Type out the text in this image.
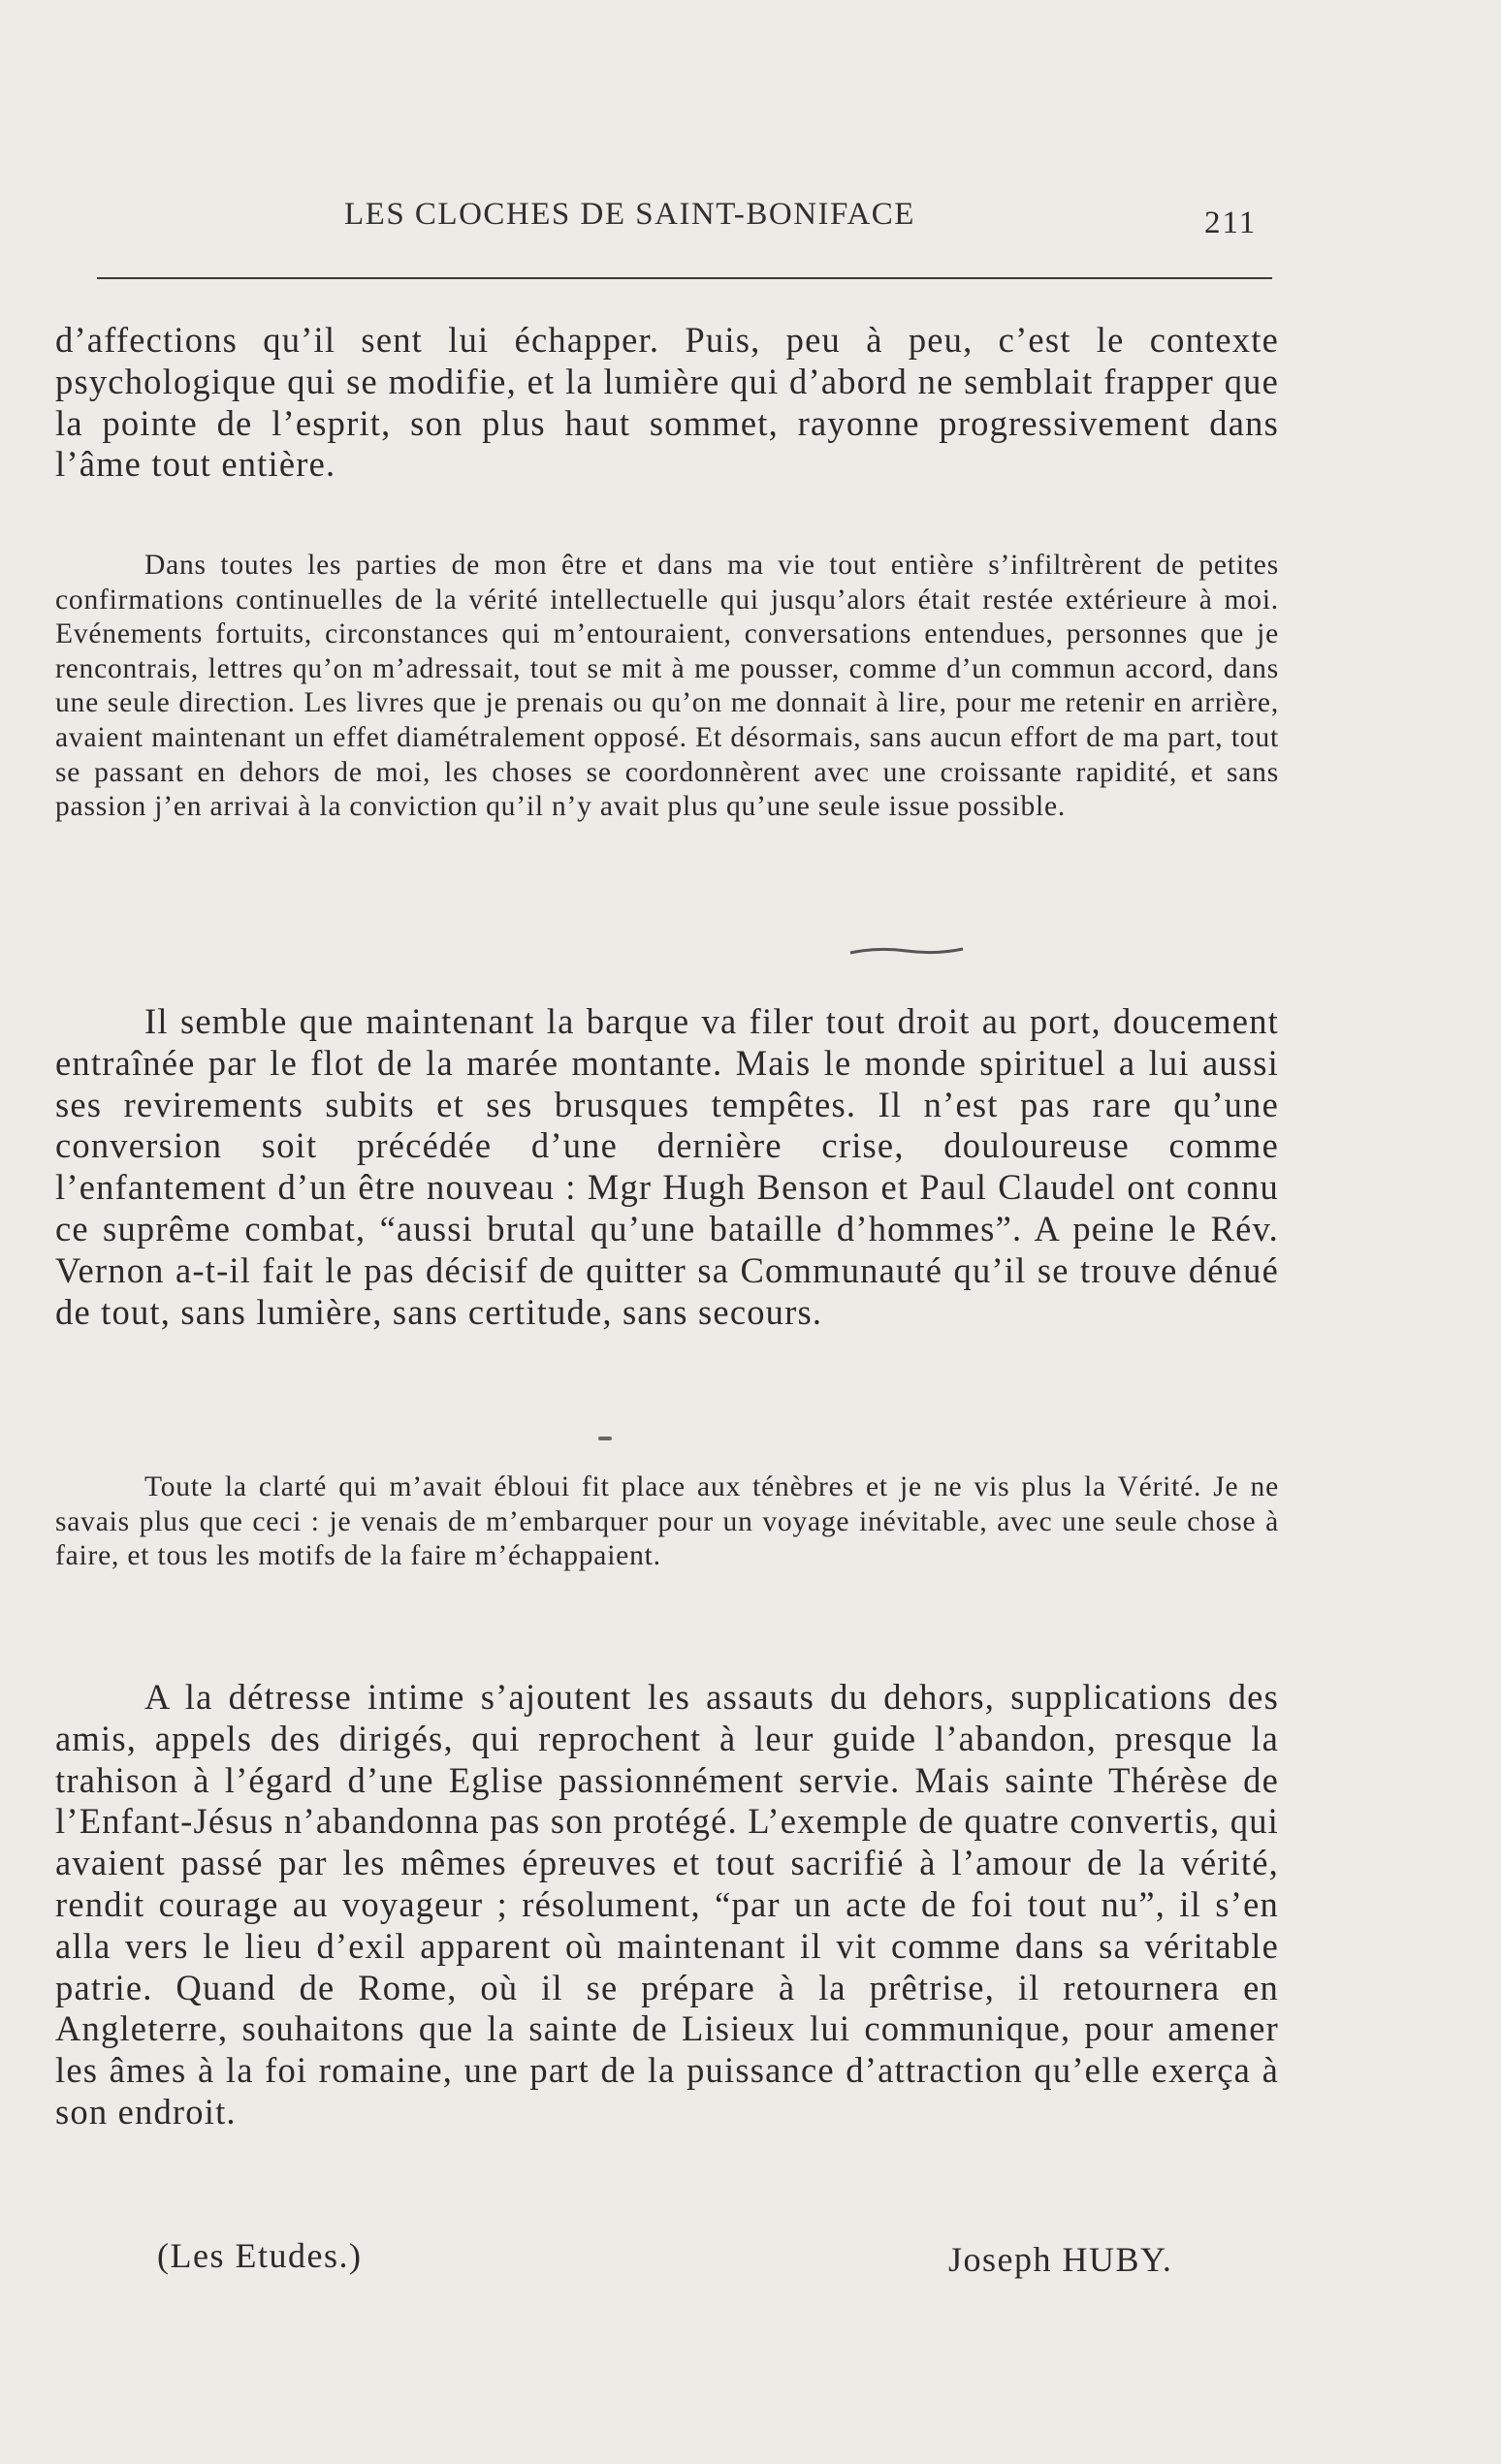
LES CLOCHES DE SAINT-BONIFACE	211

d’affections qu’il sent lui échapper. Puis, peu à peu, c’est le contexte psychologique qui se modifie, et la lumière qui d’abord ne semblait frapper que la pointe de l’esprit, son plus haut sommet, rayonne progressivement dans l’âme tout entière.

Dans toutes les parties de mon être et dans ma vie tout entière s’infiltrèrent de petites confirmations continuelles de la vérité intellectuelle qui jusqu’alors était restée extérieure à moi. Evénements fortuits, circonstances qui m’entouraient, conversations entendues, personnes que je rencontrais, lettres qu’on m’adressait, tout se mit à me pousser, comme d’un commun accord, dans une seule direction. Les livres que je prenais ou qu’on me donnait à lire, pour me retenir en arrière, avaient maintenant un effet diamétralement opposé. Et désormais, sans aucun effort de ma part, tout se passant en dehors de moi, les choses se coordonnèrent avec une croissante rapidité, et sans passion j’en arrivai à la conviction qu’il n’y avait plus qu’une seule issue possible.

Il semble que maintenant la barque va filer tout droit au port, doucement entraînée par le flot de la marée montante. Mais le monde spirituel a lui aussi ses revirements subits et ses brusques tempêtes. Il n’est pas rare qu’une conversion soit précédée d’une dernière crise, douloureuse comme l’enfantement d’un être nouveau : Mgr Hugh Benson et Paul Claudel ont connu ce suprême combat, “aussi brutal qu’une bataille d’hommes”. A peine le Rév. Vernon a-t-il fait le pas décisif de quitter sa Communauté qu’il se trouve dénué de tout, sans lumière, sans certitude, sans secours.

Toute la clarté qui m’avait ébloui fit place aux ténèbres et je ne vis plus la Vérité. Je ne savais plus que ceci : je venais de m’embarquer pour un voyage inévitable, avec une seule chose à faire, et tous les motifs de la faire m’échappaient.

A la détresse intime s’ajoutent les assauts du dehors, supplications des amis, appels des dirigés, qui reprochent à leur guide l’abandon, presque la trahison à l’égard d’une Eglise passionnément servie. Mais sainte Thérèse de l’Enfant-Jésus n’abandonna pas son protégé. L’exemple de quatre convertis, qui avaient passé par les mêmes épreuves et tout sacrifié à l’amour de la vérité, rendit courage au voyageur ; résolument, “par un acte de foi tout nu”, il s’en alla vers le lieu d’exil apparent où maintenant il vit comme dans sa véritable patrie. Quand de Rome, où il se prépare à la prêtrise, il retournera en Angleterre, souhaitons que la sainte de Lisieux lui communique, pour amener les âmes à la foi romaine, une part de la puissance d’attraction qu’elle exerça à son endroit.

(Les Etudes.)	Joseph HUBY.
